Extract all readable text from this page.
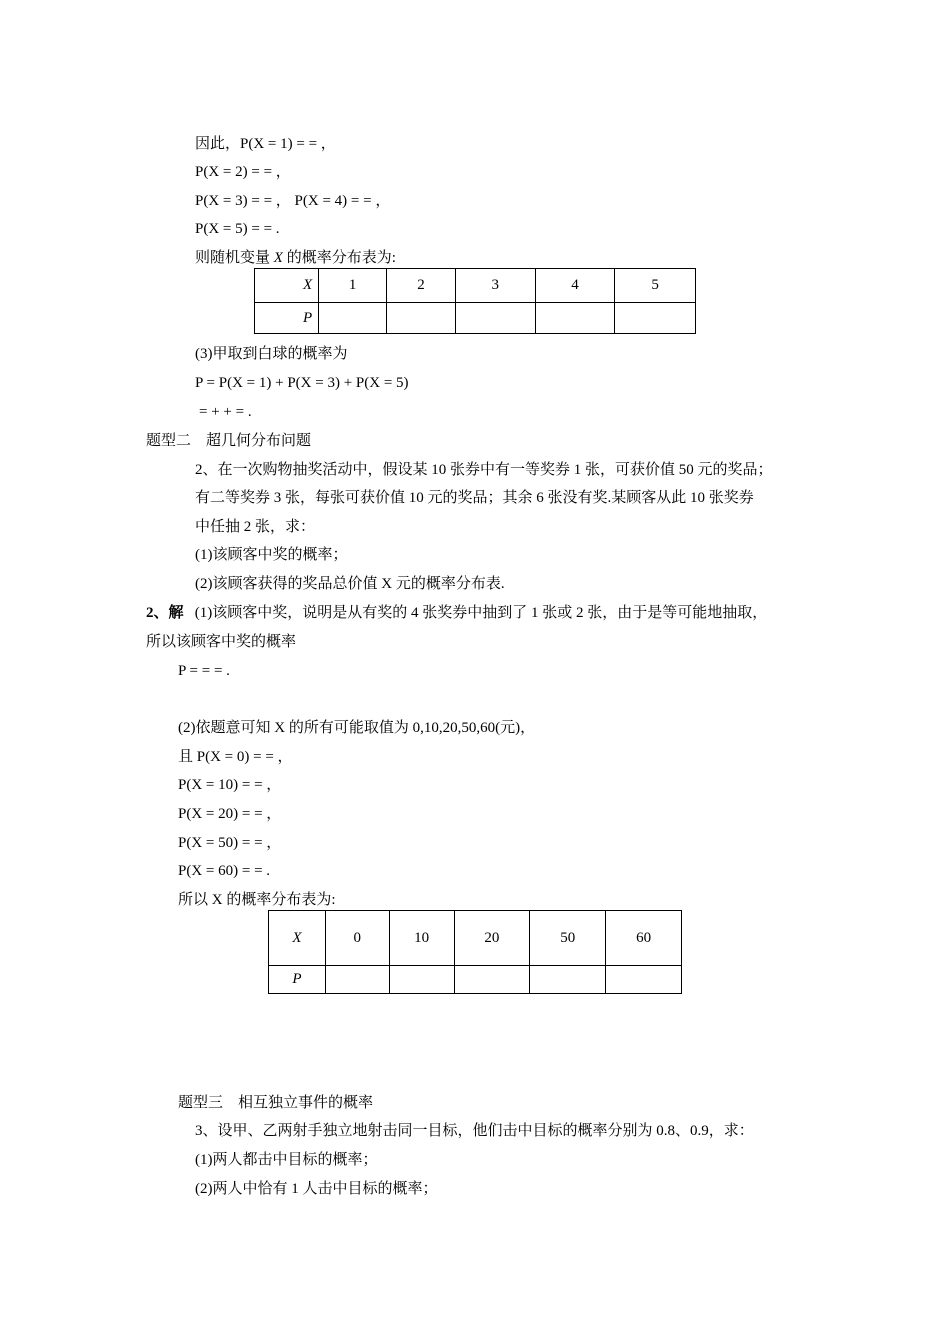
因此，P(X = 1) = = ，
P(X = 2) = = ，
P(X = 3) = = ， P(X = 4) = = ，
P(X = 5) = = .
则随机变量 X 的概率分布表为:
X	1	2	3	4	5
P					
(3)甲取到白球的概率为
P = P(X = 1) + P(X = 3) + P(X = 5)
= + + = .
题型二　超几何分布问题
2、在一次购物抽奖活动中，假设某 10 张券中有一等奖券 1 张，可获价值 50 元的奖品；
有二等奖券 3 张，每张可获价值 10 元的奖品；其余 6 张没有奖.某顾客从此 10 张奖券
中任抽 2 张，求：
(1)该顾客中奖的概率；
(2)该顾客获得的奖品总价值 X 元的概率分布表.
2、解 (1)该顾客中奖，说明是从有奖的 4 张奖券中抽到了 1 张或 2 张，由于是等可能地抽取，
所以该顾客中奖的概率
P = = = .
(2)依题意可知 X 的所有可能取值为 0,10,20,50,60(元)，
且 P(X = 0) = = ，
P(X = 10) = = ，
P(X = 20) = = ，
P(X = 50) = = ，
P(X = 60) = = .
所以 X 的概率分布表为:
X	0	10	20	50	60
P					
题型三　相互独立事件的概率
3、设甲、乙两射手独立地射击同一目标，他们击中目标的概率分别为 0.8、0.9，求：
(1)两人都击中目标的概率；
(2)两人中恰有 1 人击中目标的概率；
